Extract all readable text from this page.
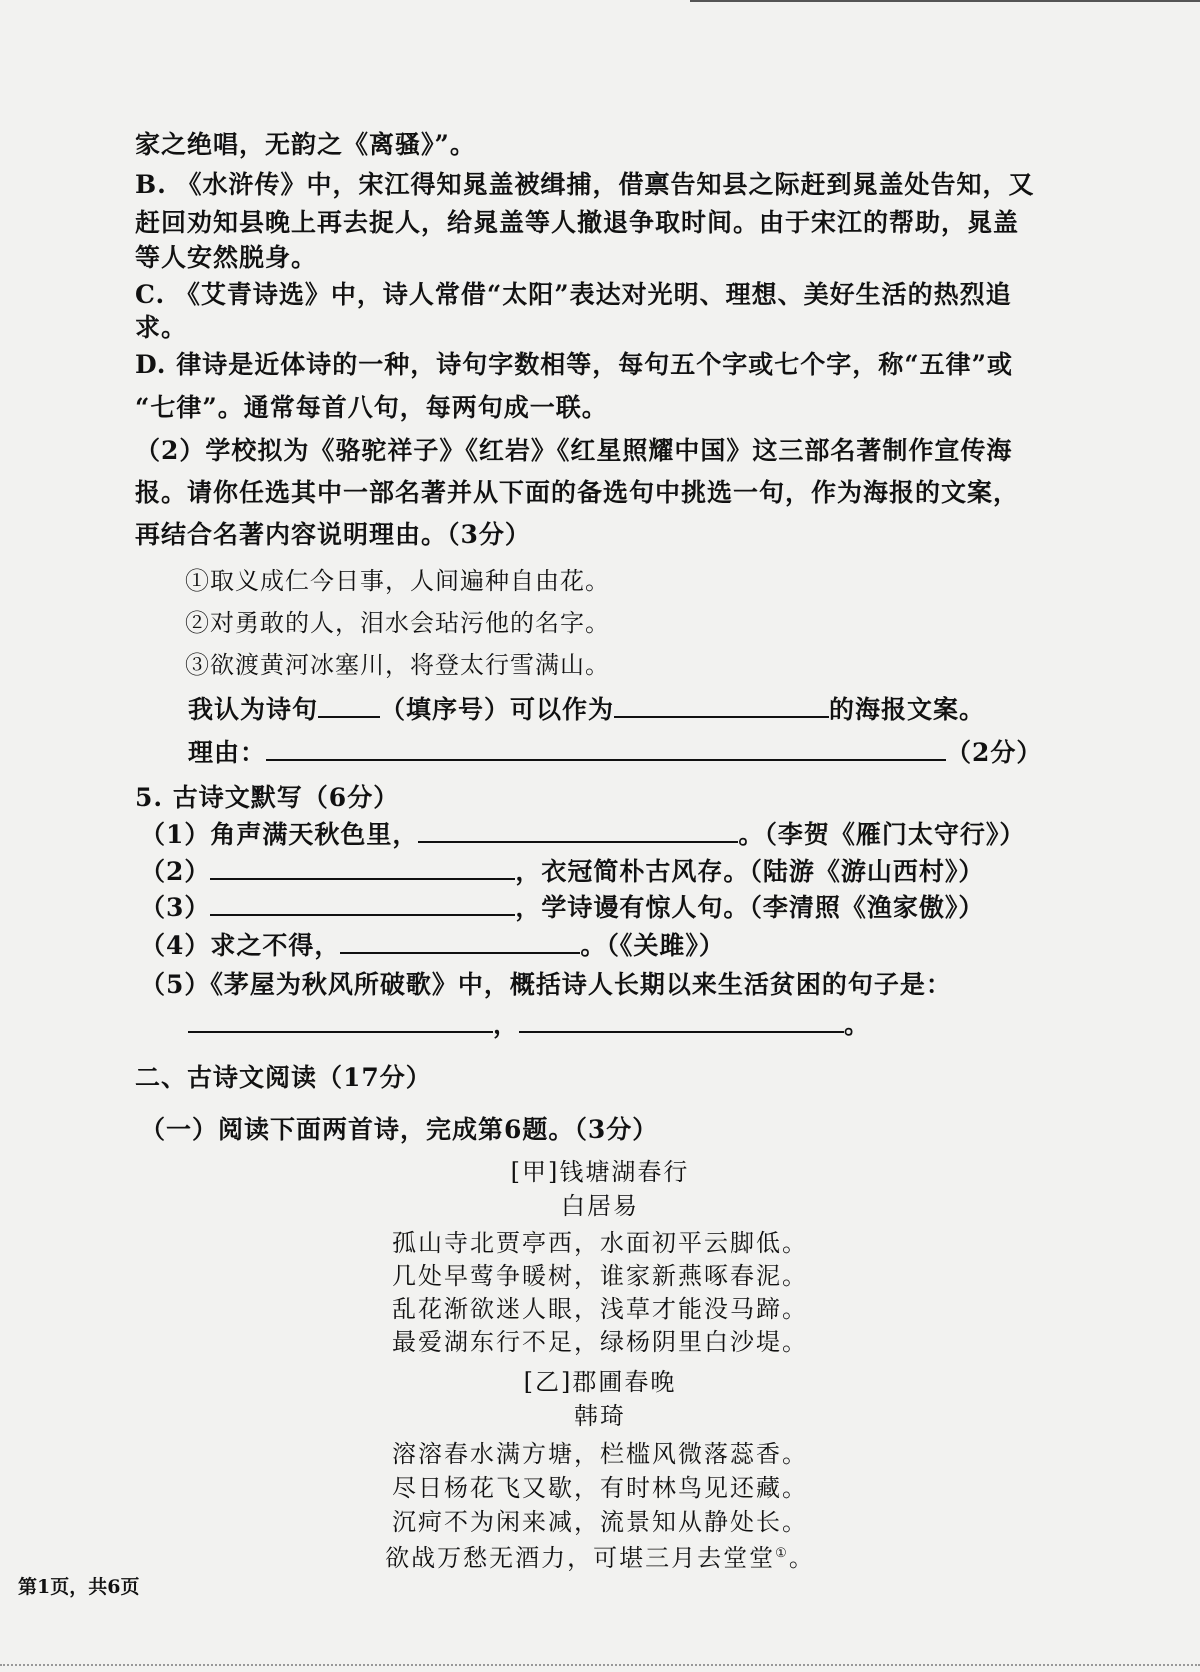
家之绝唱，无韵之《离骚》”。
B. 《水浒传》中，宋江得知晁盖被缉捕，借禀告知县之际赶到晁盖处告知，又
赶回劝知县晚上再去捉人，给晁盖等人撤退争取时间。由于宋江的帮助，晁盖
等人安然脱身。
C. 《艾青诗选》中，诗人常借“太阳”表达对光明、理想、美好生活的热烈追
求。
D. 律诗是近体诗的一种，诗句字数相等，每句五个字或七个字，称“五律”或
“七律”。通常每首八句，每两句成一联。
（2）学校拟为《骆驼祥子》《红岩》《红星照耀中国》这三部名著制作宣传海
报。请你任选其中一部名著并从下面的备选句中挑选一句，作为海报的文案，
再结合名著内容说明理由。（3分）
①取义成仁今日事，人间遍种自由花。
②对勇敢的人，泪水会玷污他的名字。
③欲渡黄河冰塞川，将登太行雪满山。
我认为诗句 （填序号）可以作为	的海报文案。
理由：	（2分）
5. 古诗文默写（6分）
（1）角声满天秋色里，	。（李贺《雁门太守行》）
（2）	，衣冠简朴古风存。（陆游《游山西村》）
（3）	，学诗谩有惊人句。（李清照《渔家傲》）
（4）求之不得，	。（《关雎》）
（5）《茅屋为秋风所破歌》中，概括诗人长期以来生活贫困的句子是：
，	。
二、古诗文阅读（17分）
（一）阅读下面两首诗，完成第6题。（3分）
[甲]钱塘湖春行
白居易
孤山寺北贾亭西，水面初平云脚低。
几处早莺争暖树，谁家新燕啄春泥。
乱花渐欲迷人眼，浅草才能没马蹄。
最爱湖东行不足，绿杨阴里白沙堤。
[乙]郡圃春晚
韩琦
溶溶春水满方塘，栏槛风微落蕊香。
尽日杨花飞又歇，有时林鸟见还藏。
沉疴不为闲来减，流景知从静处长。
欲战万愁无酒力，可堪三月去堂堂①。
第1页，共6页
